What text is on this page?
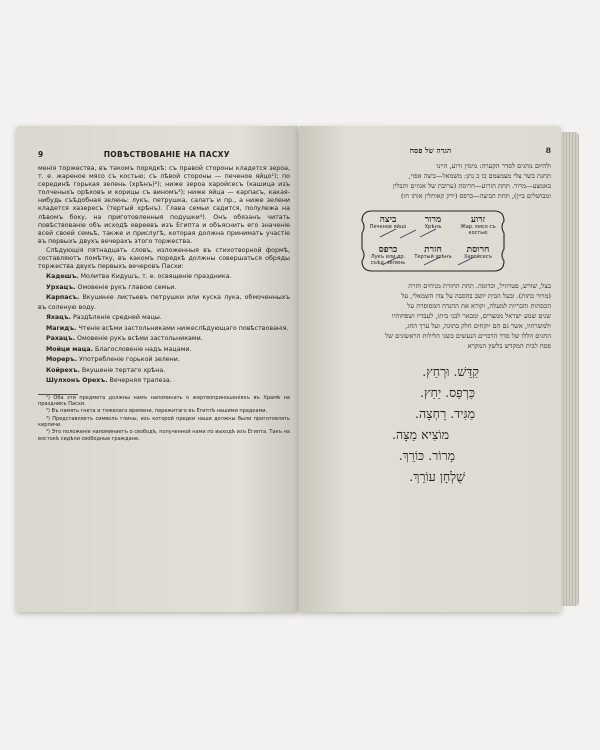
9	ПОВѢСТВОВАНІЕ НА ПАСХУ

менія торжества, въ такомъ порядкѣ: съ правой стороны кладется зероа, т. е. жареное мясо съ костью; съ лѣвой стороны — печеное яйцо¹); по серединѣ горькая зелень (хрѣнъ)²); ниже зероа харойсесъ (кашица изъ толченыхъ орѣховъ и корицы съ виномъ³); ниже яйца — карпасъ, какая-нибудь съѣдобная зелень: лукъ, петрушка, салатъ и пр., а ниже зелени кладется хазересъ (тертый хрѣнъ). Глава семьи садится, полулежа на лѣвомъ боку, на приготовленныя подушки⁴). Онъ обязанъ читать повѣствованіе объ исходѣ евреевъ изъ Египта и объяснить его значеніе всей своей семьѣ, также и прислугѣ, которая должна принимать участіе въ первыхъ двухъ вечерахъ этого торжества.

Слѣдующія пятнадцать словъ, изложенныя въ стихотворной формѣ, составляютъ помѣтку, въ какомъ порядкѣ должны совершаться обряды торжества двухъ первыхъ вечеровъ Пасхи:

Кадешъ. Молитва Кидушъ, т. е. освященіе праздника.

Урхацъ. Омовеніе рукъ главою семьи.

Карпасъ. Вкушеніе листьевъ петрушки или куска лука, обмоченныхъ въ соленую воду.

Яхацъ. Раздѣленіе средней мацы.

Магидъ. Чтеніе всѣми застольниками нижеслѣдующаго повѣствованія.

Рахацъ. Омовеніе рукъ всѣми застольниками.

Мойци маца. Благословеніе надъ мацами.

Морeръ. Употребленіе горькой зелени.

Койрехъ. Вкушеніе тертаго хрѣна.

Шулхонъ Орехъ. Вечерняя трапеза.

¹) Оба эти предмета должны намъ напоминать о жертвоприношеніяхъ въ Храмѣ на праздникъ Пасхи.

²) Въ память гнета и тяжелаго времени, пережитаго въ Египтѣ нашими предками.

³) Представляетъ символъ глины, изъ которой предки наши должны были приготовлять кирпичи.

⁴) Это положеніе напоминаетъ о свободѣ, полученной нами по выходѣ изъ Египта. Такъ на востокѣ сидѣли свободные граждане.

הגדה של פסח	8
ולהיום נוהגים לסדר הקערה: מימין זרוע, היינו
תחנת בשר צלי מצמצמם בו כ נתן: משמאל—ביצה אפוי,
באמצע—מרור. תחת הזרוע—חרוסת (ערובת של אגוזים ותבלין
ומבושלים ביין), תחת הביצה—כרפס (ירק קאוחלין אותו חו)
זרוע
Жар. мясо съ костью
מרור
Хрѣнъ
ביצה
Печеное яйцо
חרוסת
Харойсесъ
חזרת
Тертый хрѣнъ
כרפס
Лукъ или др. съѣд. зелень
בצל, שורש, פטרוזיל, וכדומה. תחת החזרת מניחים חזרת
(מרור כתות). ובעל הבית יושב בהסבה על צדו השמאלי, על
הכסתות והכריות למעלה, וקורא את ההגדה המסופרת על
שנים שמע ישראל ממצרים, ומבאר לבני ביתו, לעבדיו ושפחותיו
ולמשרתיו, אשר גם הם יוקחים חלק בתוגה, ועל ערך החג,
החגים הללו של סדר הדברים הנעשים בשני הלילות הראשונים של
פסח לבית המקדש בלשון המקרא
קַדֵּשׁ. וּרְחַץ.
כַּרְפַּס. יַחַץ.
מַגִּיד. רָחְצָה.
מוֹצִיא מַצָּה.
מָרוֹר. כּוֹרֵךְ.
שֻׁלְחָן עוֹרֵךְ.
